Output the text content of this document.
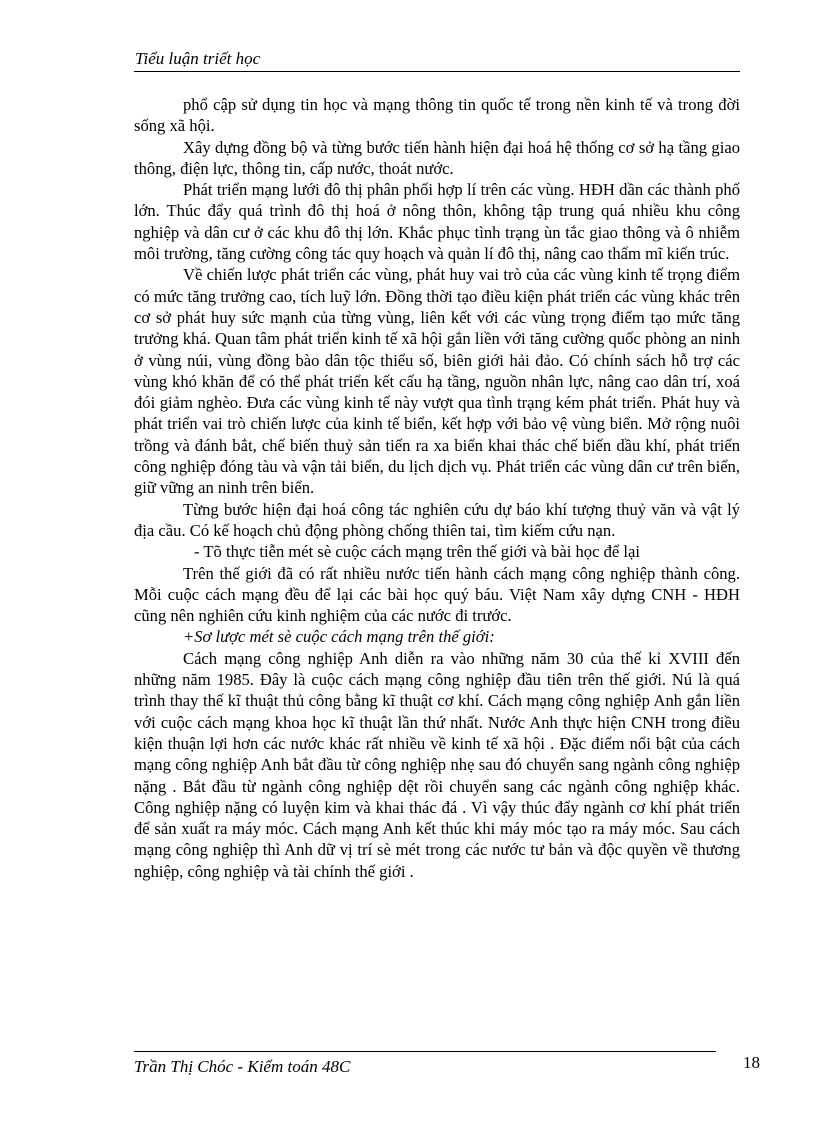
Tiểu luận triết học

phổ cập sử dụng tin học và mạng thông tin quốc tế trong nền kinh tế và trong đời sống xã hội.

Xây dựng đồng bộ và từng bước tiến hành hiện đại hoá hệ thống cơ sở hạ tầng giao thông, điện lực, thông tin, cấp nước, thoát nước.

Phát triển mạng lưới đô thị phân phối hợp lí trên các vùng. HĐH dần các thành phố lớn. Thúc đẩy quá trình đô thị hoá ở nông thôn, không tập trung quá nhiều khu công nghiệp và dân cư ở các khu đô thị lớn. Khắc phục tình trạng ùn tắc giao thông và ô nhiễm môi trường, tăng cường công tác quy hoạch và quản lí đô thị, nâng cao thẩm mĩ kiến trúc.

Về chiến lược phát triển các vùng, phát huy vai trò của các vùng kinh tế trọng điểm có mức tăng trưởng cao, tích luỹ lớn. Đồng thời tạo điều kiện phát triển các vùng khác trên cơ sở phát huy sức mạnh của từng vùng, liên kết với các vùng trọng điểm tạo mức tăng trưởng khá. Quan tâm phát triển kinh tế xã hội gắn liền với tăng cường quốc phòng an ninh ở vùng núi, vùng đồng bào dân tộc thiểu số, biên giới hải đảo. Có chính sách hỗ trợ các vùng khó khăn để có thể phát triển kết cấu hạ tầng, nguồn nhân lực, nâng cao dân trí, xoá đói giảm nghèo. Đưa các vùng kinh tế này vượt qua tình trạng kém phát triển. Phát huy và phát triển vai trò chiến lược của kinh tế biển, kết hợp với bảo vệ vùng biển. Mở rộng nuôi trồng và đánh bắt, chế biến thuỷ sản tiến ra xa biển khai thác chế biến dầu khí, phát triển công nghiệp đóng tàu và vận tải biển, du lịch dịch vụ. Phát triển các vùng dân cư trên biển, giữ vững an ninh trên biển.

Từng bước hiện đại hoá công tác nghiên cứu dự báo khí tượng thuỷ văn và vật lý địa cầu. Có kế hoạch chủ động phòng chống thiên tai, tìm kiếm cứu nạn.

- Tõ thực tiễn mét sè cuộc cách mạng trên thế giới và bài học để lại

Trên thế giới đã có rất nhiều nước tiến hành cách mạng công nghiệp thành công. Mỗi cuộc cách mạng đều để lại các bài học quý báu. Việt Nam xây dựng CNH - HĐH cũng nên nghiên cứu kinh nghiệm của các nước đi trước.

+Sơ lược mét sè cuộc cách mạng trên thế giới:

Cách mạng công nghiệp Anh diễn ra vào những năm 30 của thế kỉ XVIII đến những năm 1985. Đây là cuộc cách mạng công nghiệp đầu tiên trên thế giới. Nú là quá trình thay thế kĩ thuật thủ công bằng kĩ thuật cơ khí. Cách mạng công nghiệp Anh gắn liền với cuộc cách mạng khoa học kĩ thuật lần thứ nhất. Nước Anh thực hiện CNH trong điều kiện thuận lợi hơn các nước khác rất nhiều về kinh tế xã hội . Đặc điểm nổi bật của cách mạng công nghiệp Anh bắt đầu từ công nghiệp nhẹ sau đó chuyển sang ngành công nghiệp nặng . Bắt đầu từ ngành công nghiệp dệt rồi chuyển sang các ngành công nghiệp khác. Công nghiệp nặng có luyện kim và khai thác đá . Vì vậy thúc đẩy ngành cơ khí phát triển để sản xuất ra máy móc. Cách mạng Anh kết thúc khi máy móc tạo ra máy móc. Sau cách mạng công nghiệp thì Anh dữ vị trí sè mét trong các nước tư bản và độc quyền về thương nghiệp, công nghiệp và tài chính thế giới .

Trần Thị Chóc - Kiểm toán 48C	18
